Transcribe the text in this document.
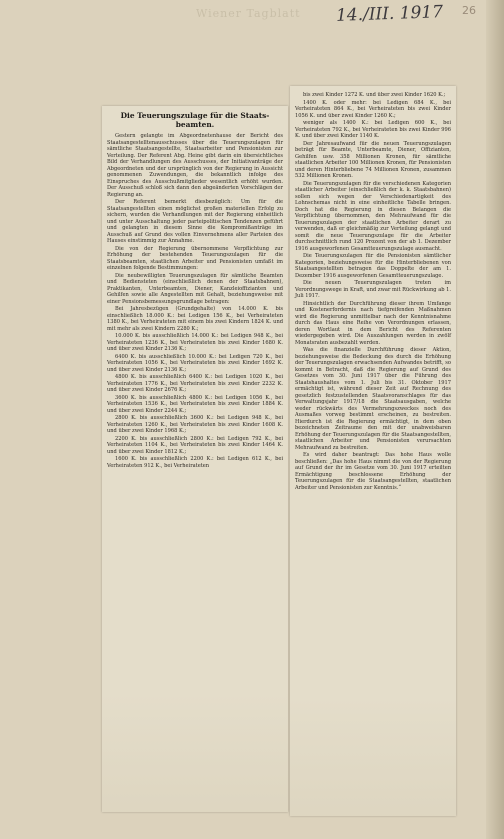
Wiener Tagblatt 14./III. 1917 26

Die Teuerungszulage für die Staats-
beamten.

Gestern gelangte im Abgeordnetenhause der Bericht des Staatsangestelltenausschusses über die Teuerungszulagen für sämtliche Staatsangestellte, Staatsarbeiter und Pensionisten zur Verteilung. Der Referent Abg. Heine gibt darin ein übersichtliches Bild der Verhandlungen des Ausschusses, der Initiativanträge der Abgeordneten und der ursprünglich von der Regierung in Aussicht genommenen Zuwendungen, die bekanntlich infolge des Einspruches des Ausschußmitglieder wesentlich erhöht wurden. Der Ausschuß schloß sich dann den abgeänderten Vorschlägen der Regierung an.

Der Referent bemerkt diesbezüglich: Um für die Staatsangestellten einen möglichst großen materiellen Erfolg zu sichern, wurden die Verhandlungen mit der Regierung einheitlich und unter Ausschaltung jeder parteipolitischen Tendenzen geführt und gelangten in diesem Sinne die Kompromißanträge im Ausschuß auf Grund des vollen Einvernehmens aller Parteien des Hauses einstimmig zur Annahme.

Die von der Regierung übernommene Verpflichtung zur Erhöhung der bestehenden Teuerungszulagen für die Staatsbeamten, staatlichen Arbeiter und Pensionisten umfaßt im einzelnen folgende Bestimmungen:

Die neubewilligten Teuerungszulagen für sämtliche Beamten und Bediensteten (einschließlich denen der Staatsbahnen), Praktikanten, Unterbeamten, Diener, Kanzleioffizianten und Gehilfen sowie alle Angestellten mit Gehalt, beziehungsweise mit einer Pensionsbemessungsgrundlage betragen:

Bei Jahresbezügen (Grundgehalte) von 14.000 K. bis einschließlich 18.000 K.: bei Ledigen 156 K., bei Verheirateten 1380 K., bei Verheirateten mit einem bis zwei Kindern 1824 K. und mit mehr als zwei Kindern 2280 K.;

10.000 K. bis ausschließlich 14.000 K.: bei Ledigen 948 K., bei Verheirateten 1236 K., bei Verheirateten bis zwei Kinder 1680 K. und über zwei Kinder 2136 K.;

6400 K. bis ausschließlich 10.000 K.: bei Ledigen 720 K., bei Verheirateten 1056 K., bei Verheirateten bis zwei Kinder 1692 K. und über zwei Kinder 2136 K.;

4800 K. bis ausschließlich 6400 K.: bei Ledigen 1020 K., bei Verheirateten 1776 K., bei Verheirateten bis zwei Kinder 2232 K. und über zwei Kinder 2676 K.;

3600 K. bis ausschließlich 4800 K.: bei Ledigen 1056 K., bei Verheirateten 1536 K., bei Verheirateten bis zwei Kinder 1884 K. und über zwei Kinder 2244 K.;

2800 K. bis ausschließlich 3600 K.: bei Ledigen 948 K., bei Verheirateten 1260 K., bei Verheirateten bis zwei Kinder 1608 K. und über zwei Kinder 1968 K.;

2200 K. bis ausschließlich 2800 K.: bei Ledigen 792 K., bei Verheirateten 1104 K., bei Verheirateten bis zwei Kinder 1464 K. und über zwei Kinder 1812 K.;

1600 K. bis ausschließlich 2200 K.: bei Ledigen 612 K., bei Verheirateten 912 K., bei Verheirateten

bis zwei Kinder 1272 K. und über zwei Kinder 1620 K.;

1400 K. oder mehr: bei Ledigen 684 K., bei Verheirateten 864 K., bei Verheirateten bis zwei Kinder 1056 K. und über zwei Kinder 1260 K.;

weniger als 1400 K.: bei Ledigen 600 K., bei Verheirateten 792 K., bei Verheirateten bis zwei Kinder 996 K. und über zwei Kinder 1140 K.

Der Jahresaufwand für die neuen Teuerungszulagen beträgt für Beamte, Unterbeamte, Diener, Offizianten, Gehilfen usw. 358 Millionen Kronen, für sämtliche staatlichen Arbeiter 100 Millionen Kronen, für Pensionisten und deren Hinterbliebene 74 Millionen Kronen, zusammen 532 Millionen Kronen.

Die Teuerungszulagen für die verschiedenen Kategorien staatlicher Arbeiter (einschließlich der k. k. Staatsbahnen) sollen sich wegen der Verschiedenartigkeit des Lohnschemas nicht in eine einheitliche Tabelle bringen. Doch hat die Regierung in diesen Belangen die Verpflichtung übernommen, den Mehraufwand für die Teuerungszulagen der staatlichen Arbeiter derart zu verwenden, daß er gleichmäßig zur Verteilung gelangt und somit die neue Teuerungszulage für die Arbeiter durchschnittlich rund 120 Prozent von der ab 1. Dezember 1916 ausgeworfenen Gesamtteuerungszulage ausmacht.

Die Teuerungszulagen für die Pensionisten sämtlicher Kategorien, beziehungsweise für die Hinterbliebenen von Staatsangestellten betragen das Doppelte der am 1. Dezember 1916 ausgeworfenen Gesamtteuerungszulage.

Die neuen Teuerungszulagen treten im Verordnungswege in Kraft, und zwar mit Rückwirkung ab 1. Juli 1917.

Hinsichtlich der Durchführung dieser ihrem Umfange und Kostenerfordernis nach tiefgreifenden Maßnahmen wird die Regierung unmittelbar nach der Kenntnisnahme durch das Haus eine Reihe von Verordnungen erlassen, deren Wortlaut in dem Bericht des Referenten wiedergegeben wird. Die Auszahlungen werden in zwölf Monatsraten ausbezahlt werden.

Was die finanzielle Durchführung dieser Aktion, beziehungsweise die Bedeckung des durch die Erhöhung der Teuerungszulagen erwachsenden Aufwandes betrifft, so kommt in Betracht, daß die Regierung auf Grund des Gesetzes vom 30. Juni 1917 über die Führung des Staatshaushaltes vom 1. Juli bis 31. Oktober 1917 ermächtigt ist, während dieser Zeit auf Rechnung des gesetzlich festzustellenden Staatsvoranschlages für das Verwaltungsjahr 1917/18 die Staatsausgaben, welche weder rückwärts des Vermehrungszweckes noch des Ausmaßes vorweg bestimmt erscheinen, zu bestreiten. Hierdurch ist die Regierung ermächtigt, in dem oben bezeichneten Zeitraume den mit der unabweisbaren Erhöhung der Teuerungszulagen für die Staatsangestellten, staatlichen Arbeiter und Pensionisten verursachten Mehraufwand zu bestreiten.

Es wird daher beantragt: Das hohe Haus wolle beschließen: „Das hohe Haus nimmt die von der Regierung auf Grund der ihr im Gesetze vom 30. Juni 1917 erteilten Ermächtigung beschlossene Erhöhung der Teuerungszulagen für die Staatsangestellten, staatlichen Arbeiter und Pensionisten zur Kenntnis.“
